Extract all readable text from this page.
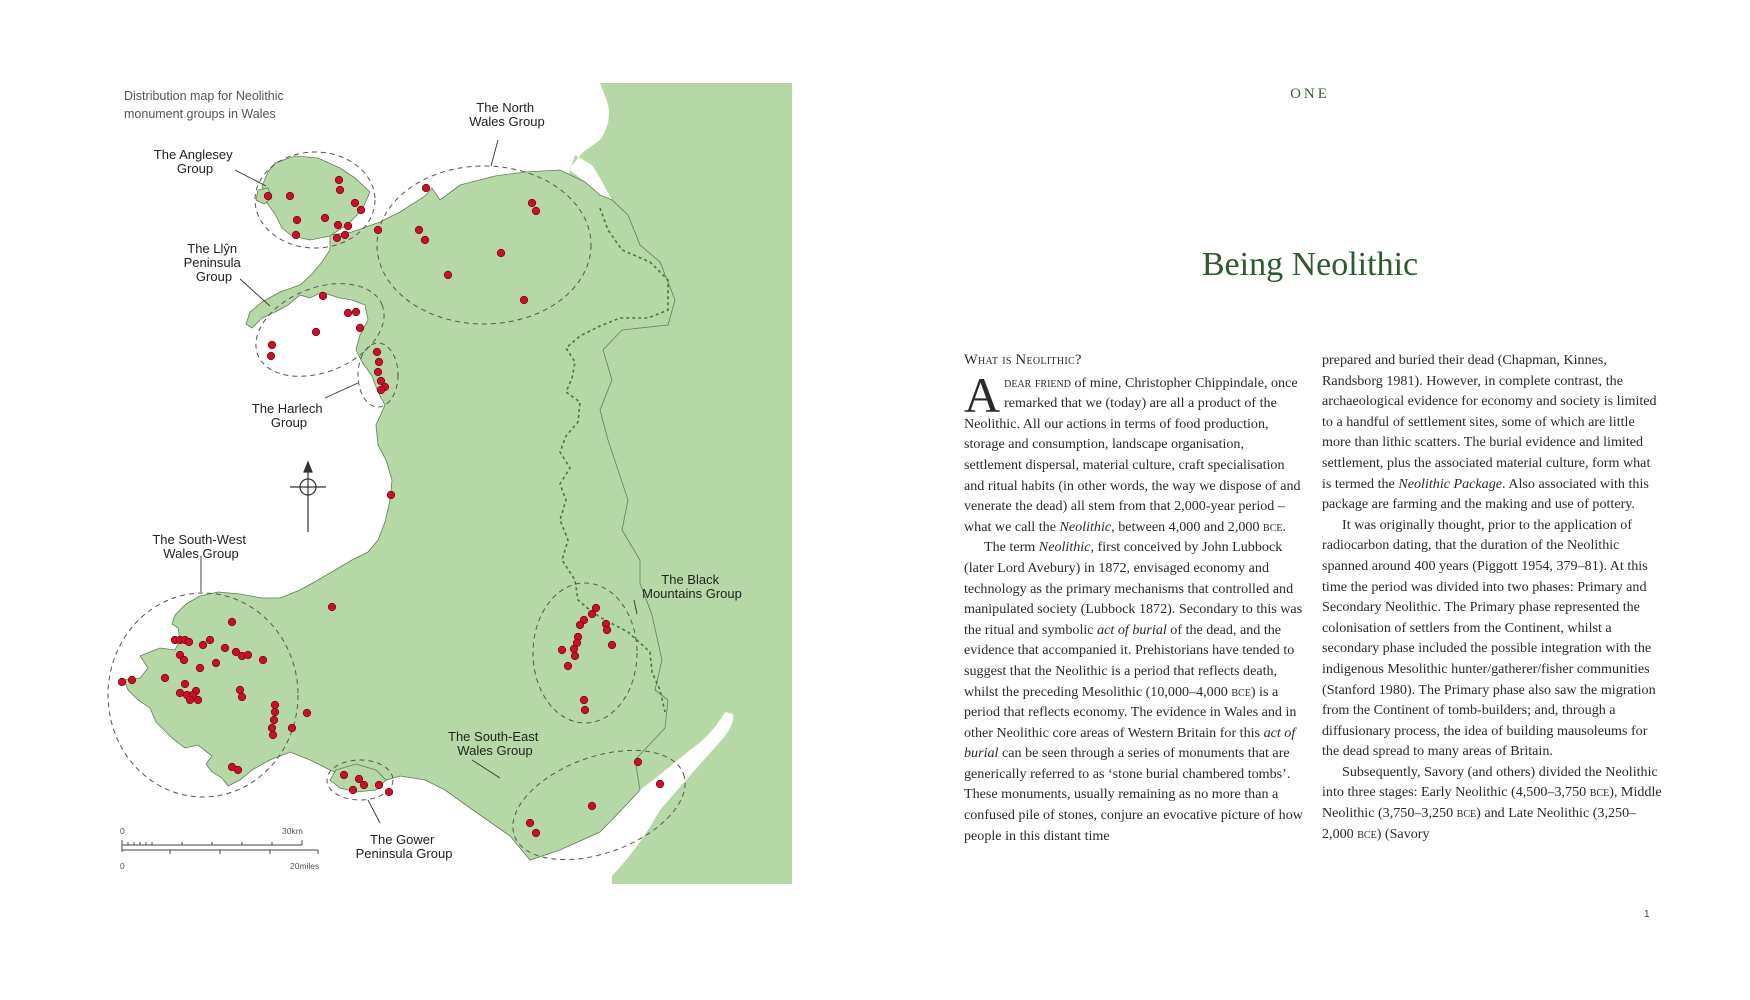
Distribution map for Neolithic
monument groups in Wales
The Anglesey Group
The North Wales Group
The Llŷn Peninsula Group
The Harlech Group
The South-West Wales Group
The Black Mountains Group
The South-East Wales Group
The Gower Peninsula Group
0	30km
0	20miles
ONE
Being Neolithic
What is Neolithic?

Adear friend of mine, Christopher Chippindale, once remarked that we (today) are all a product of the Neolithic. All our actions in terms of food production, storage and consumption, landscape organisation, settlement dispersal, material culture, craft specialisation and ritual habits (in other words, the way we dispose of and venerate the dead) all stem from that 2,000-year period – what we call the Neolithic, between 4,000 and 2,000 bce.

The term Neolithic, first conceived by John Lubbock (later Lord Avebury) in 1872, envisaged economy and technology as the primary mechanisms that controlled and manipulated society (Lubbock 1872). Secondary to this was the ritual and symbolic act of burial of the dead, and the evidence that accompanied it. Prehistorians have tended to suggest that the Neolithic is a period that reflects death, whilst the preceding Mesolithic (10,000–4,000 bce) is a period that reflects economy. The evidence in Wales and in other Neolithic core areas of Western Britain for this act of burial can be seen through a series of monuments that are generically referred to as ‘stone burial chambered tombs’. These monuments, usually remaining as no more than a confused pile of stones, conjure an evocative picture of how people in this distant time

prepared and buried their dead (Chapman, Kinnes, Randsborg 1981). However, in complete contrast, the archaeological evidence for economy and society is limited to a handful of settlement sites, some of which are little more than lithic scatters. The burial evidence and limited settlement, plus the associated material culture, form what is termed the Neolithic Package. Also associated with this package are farming and the making and use of pottery.

It was originally thought, prior to the application of radiocarbon dating, that the duration of the Neolithic spanned around 400 years (Piggott 1954, 379–81). At this time the period was divided into two phases: Primary and Secondary Neolithic. The Primary phase represented the colonisation of settlers from the Continent, whilst a secondary phase included the possible integration with the indigenous Mesolithic hunter/gatherer/fisher communities (Stanford 1980). The Primary phase also saw the migration from the Continent of tomb-builders; and, through a diffusionary process, the idea of building mausoleums for the dead spread to many areas of Britain.

Subsequently, Savory (and others) divided the Neolithic into three stages: Early Neolithic (4,500–3,750 bce), Middle Neolithic (3,750–3,250 bce) and Late Neolithic (3,250–2,000 bce) (Savory

1
